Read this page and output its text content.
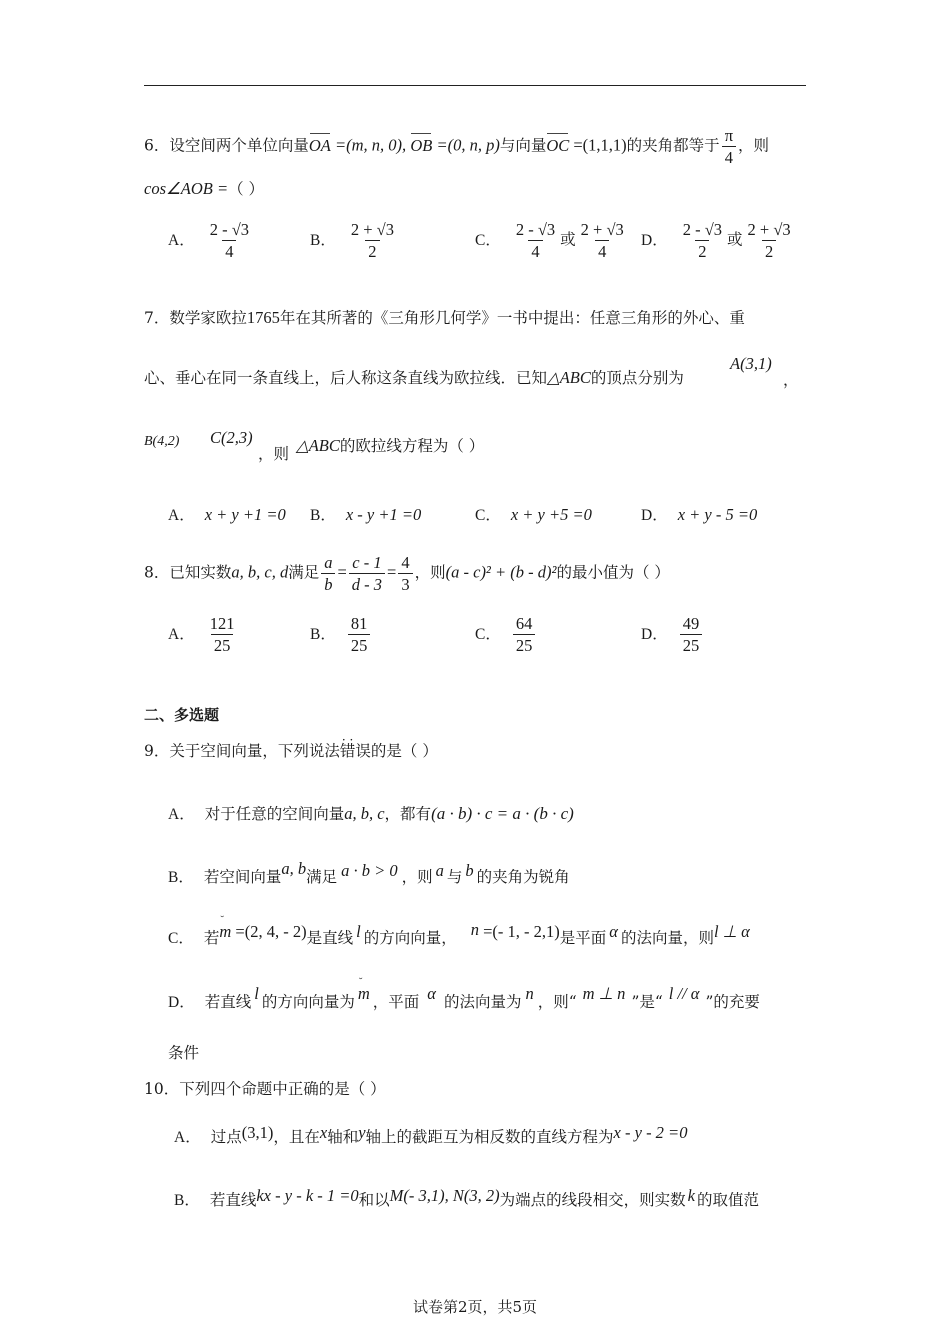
6．设空间两个单位向量OA =(m, n, 0), OB =(0, n, p)与向量OC =(1,1,1)的夹角都等于 $\frac{\pi}{4}$ ，则
cos∠AOB =（ ）
A． $\frac{2 - √3}{4}$	B． $\frac{2 + √3}{2}$	C． $\frac{2 - √3}{4}$ 或 $\frac{2 + √3}{4}$ D． $\frac{2 - √3}{2}$ 或 $\frac{2 + √3}{2}$
7．数学家欧拉1765年在其所著的《三角形几何学》一书中提出：任意三角形的外心、重
心、垂心在同一条直线上，后人称这条直线为欧拉线．已知△ABC的顶点分别为
A(3,1)
，
B(4,2) C(2,3)
，则 △ABC的欧拉线方程为（ ）
A． x + y +1 =0 B． x - y +1 =0	C． x + y +5 =0	D． x + y - 5 =0
8．已知实数a, b, c, d满足 $\frac{a}{b} = \frac{c - 1}{d - 3} = \frac{4}{3}$ ，则(a - c)² + (b - d)²的最小值为（ ）
A． $\frac{121}{25}$	B． $\frac{81}{25}$	C． $\frac{64}{25}$	D． $\frac{49}{25}$
二、多选题
9．关于空间向量，下列说法· · 错误的是（ ）
A． 对于任意的空间向量a, b, c，都有(a · b) · c = a · (b · c)
B． 若空间向量a, b满足 a · b > 0 ，则 a 与 b 的夹角为锐角
C． 若˘ m =(2, 4, - 2)是直线 l 的方向向量， n =(- 1, - 2,1)是平面 α 的法向量，则l ⊥ α
D． 若直线 l 的方向向量为˘ m ，平面 α 的法向量为 n ，则“ m ⊥ n ”是“ l // α ”的充要
条件
10．下列四个命题中正确的是（ ）
A． 过点(3,1)，且在x轴和y轴上的截距互为相反数的直线方程为x - y - 2 =0
B． 若直线kx - y - k - 1 =0和以M(- 3,1), N(3, 2)为端点的线段相交，则实数 k 的取值范
试卷第2页，共5页
